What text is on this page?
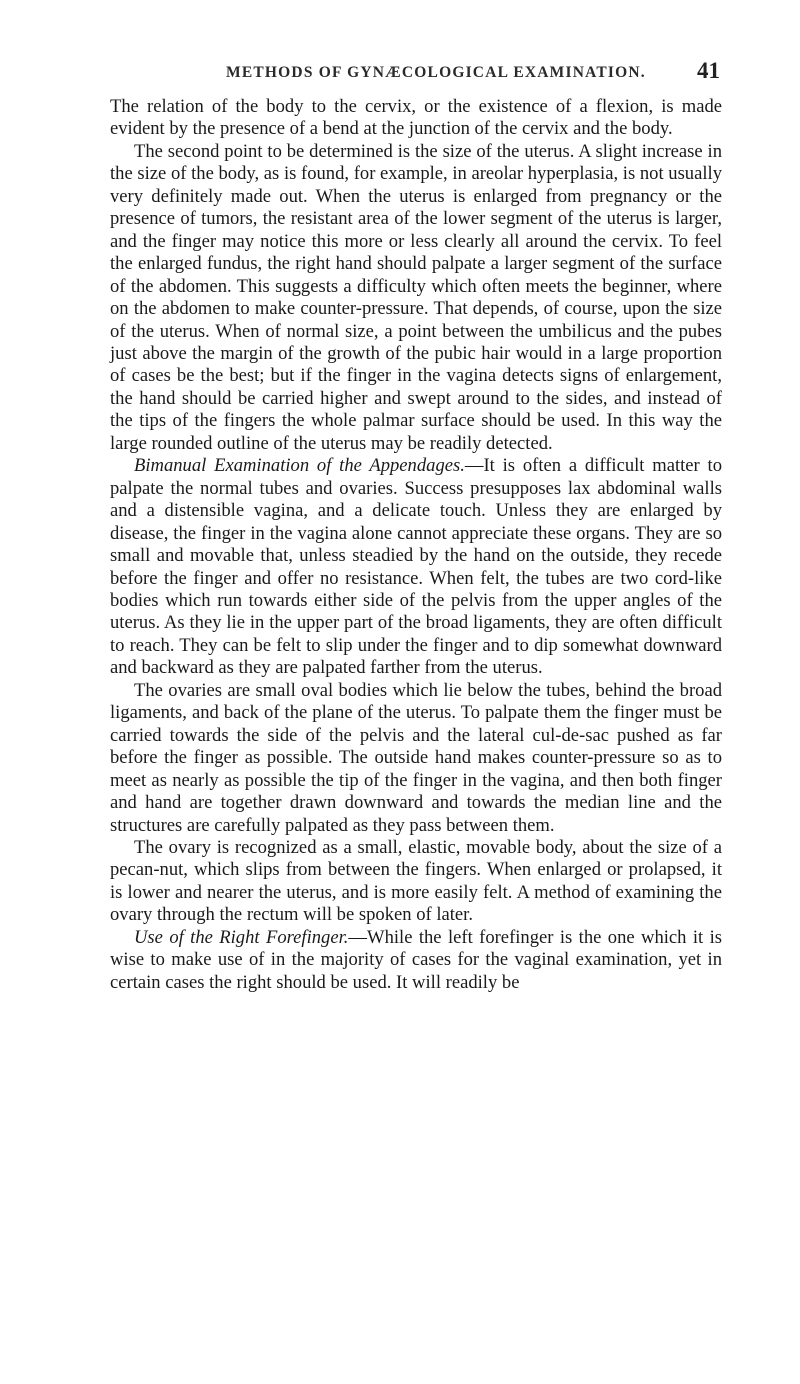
METHODS OF GYNÆCOLOGICAL EXAMINATION. 41

The relation of the body to the cervix, or the existence of a flexion, is made evident by the presence of a bend at the junction of the cervix and the body.

The second point to be determined is the size of the uterus. A slight increase in the size of the body, as is found, for example, in areolar hyperplasia, is not usually very definitely made out. When the uterus is enlarged from pregnancy or the presence of tumors, the resistant area of the lower segment of the uterus is larger, and the finger may notice this more or less clearly all around the cervix. To feel the enlarged fundus, the right hand should palpate a larger segment of the surface of the abdomen. This suggests a difficulty which often meets the beginner, where on the abdomen to make counter-pressure. That depends, of course, upon the size of the uterus. When of normal size, a point between the umbilicus and the pubes just above the margin of the growth of the pubic hair would in a large proportion of cases be the best; but if the finger in the vagina detects signs of enlargement, the hand should be carried higher and swept around to the sides, and instead of the tips of the fingers the whole palmar surface should be used. In this way the large rounded outline of the uterus may be readily detected.

Bimanual Examination of the Appendages.—It is often a difficult matter to palpate the normal tubes and ovaries. Success presupposes lax abdominal walls and a distensible vagina, and a delicate touch. Unless they are enlarged by disease, the finger in the vagina alone cannot appreciate these organs. They are so small and movable that, unless steadied by the hand on the outside, they recede before the finger and offer no resistance. When felt, the tubes are two cord-like bodies which run towards either side of the pelvis from the upper angles of the uterus. As they lie in the upper part of the broad ligaments, they are often difficult to reach. They can be felt to slip under the finger and to dip somewhat downward and backward as they are palpated farther from the uterus.

The ovaries are small oval bodies which lie below the tubes, behind the broad ligaments, and back of the plane of the uterus. To palpate them the finger must be carried towards the side of the pelvis and the lateral cul-de-sac pushed as far before the finger as possible. The outside hand makes counter-pressure so as to meet as nearly as possible the tip of the finger in the vagina, and then both finger and hand are together drawn downward and towards the median line and the structures are carefully palpated as they pass between them.

The ovary is recognized as a small, elastic, movable body, about the size of a pecan-nut, which slips from between the fingers. When enlarged or prolapsed, it is lower and nearer the uterus, and is more easily felt. A method of examining the ovary through the rectum will be spoken of later.

Use of the Right Forefinger.—While the left forefinger is the one which it is wise to make use of in the majority of cases for the vaginal examination, yet in certain cases the right should be used. It will readily be
